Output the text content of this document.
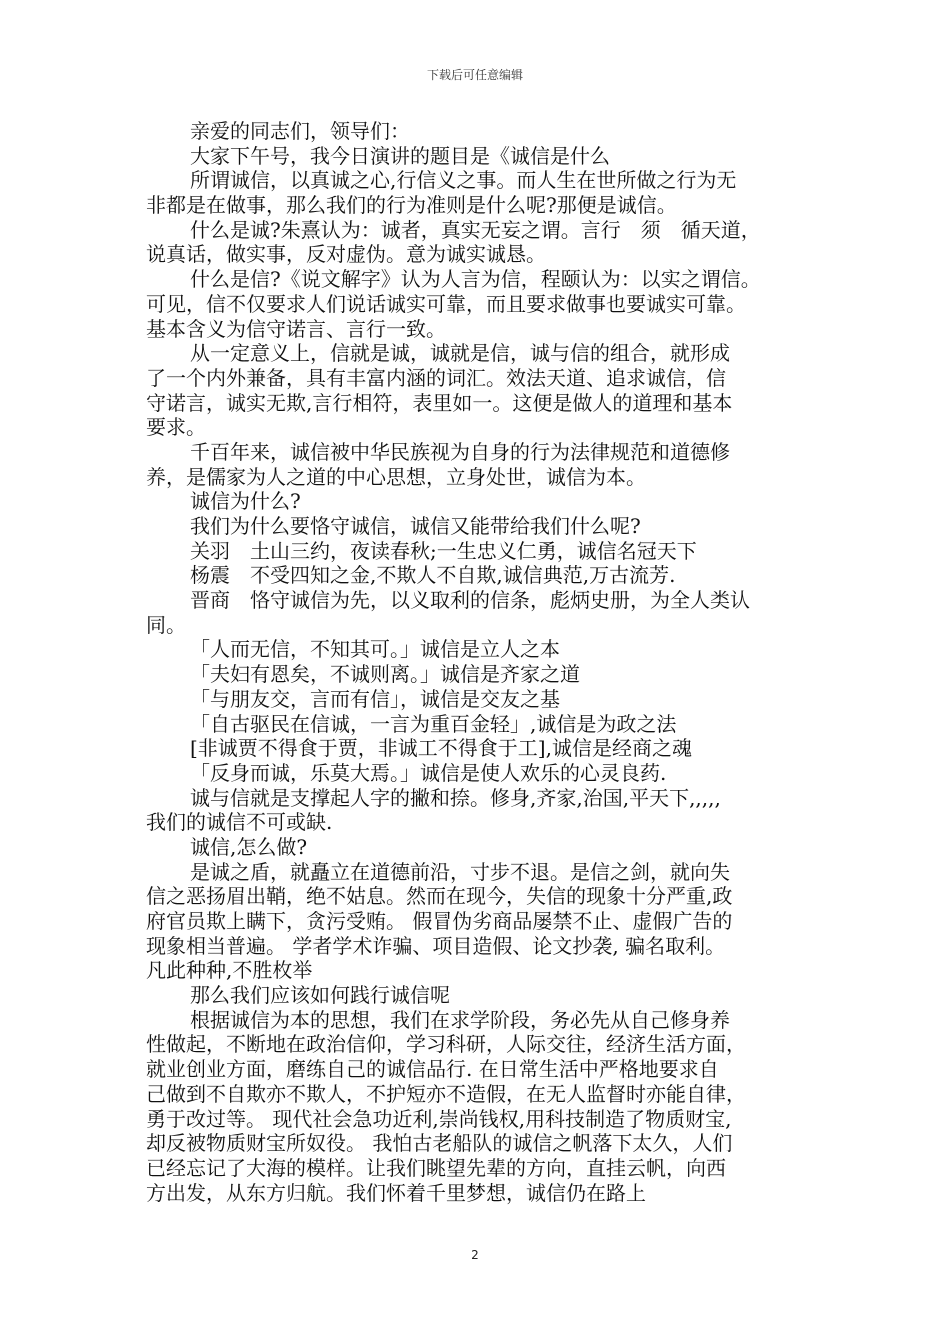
下载后可任意编辑
亲爱的同志们，领导们：
大家下午号，我今日演讲的题目是《诚信是什么
所谓诚信，以真诚之心,行信义之事。而人生在世所做之行为无
非都是在做事，那么我们的行为准则是什么呢?那便是诚信。
什么是诚?朱熹认为：诚者，真实无妄之谓。言行　须　循天道，
说真话，做实事，反对虚伪。意为诚实诚恳。
什么是信?《说文解字》认为人言为信，程颐认为：以实之谓信。
可见，信不仅要求人们说话诚实可靠，而且要求做事也要诚实可靠。
基本含义为信守诺言、言行一致。
从一定意义上，信就是诚，诚就是信，诚与信的组合，就形成
了一个内外兼备，具有丰富内涵的词汇。效法天道、追求诚信，信
守诺言，诚实无欺,言行相符，表里如一。这便是做人的道理和基本
要求。
千百年来，诚信被中华民族视为自身的行为法律规范和道德修
养，是儒家为人之道的中心思想，立身处世，诚信为本。
诚信为什么?
我们为什么要恪守诚信，诚信又能带给我们什么呢?
关羽　土山三约，夜读春秋;一生忠义仁勇，诚信名冠天下
杨震　不受四知之金,不欺人不自欺,诚信典范,万古流芳.
晋商　恪守诚信为先，以义取利的信条，彪炳史册，为全人类认
同。
「人而无信，不知其可。」诚信是立人之本
「夫妇有恩矣，不诚则离。」诚信是齐家之道
「与朋友交，言而有信」，诚信是交友之基
「自古驱民在信诚，一言为重百金轻」,诚信是为政之法
[非诚贾不得食于贾，非诚工不得食于工],诚信是经商之魂
「反身而诚，乐莫大焉。」诚信是使人欢乐的心灵良药.
诚与信就是支撑起人字的撇和捺。修身,齐家,治国,平天下,,,,,
我们的诚信不可或缺.
诚信,怎么做?
是诚之盾，就矗立在道德前沿，寸步不退。是信之剑，就向失
信之恶扬眉出鞘，绝不姑息。然而在现今，失信的现象十分严重,政
府官员欺上瞒下，贪污受贿。 假冒伪劣商品屡禁不止、虚假广告的
现象相当普遍。 学者学术诈骗、项目造假、论文抄袭, 骗名取利。
凡此种种,不胜枚举
那么我们应该如何践行诚信呢
根据诚信为本的思想，我们在求学阶段，务必先从自己修身养
性做起，不断地在政治信仰，学习科研，人际交往，经济生活方面，
就业创业方面，磨练自己的诚信品行. 在日常生活中严格地要求自
己做到不自欺亦不欺人，不护短亦不造假，在无人监督时亦能自律，
勇于改过等。 现代社会急功近利,崇尚钱权,用科技制造了物质财宝,
却反被物质财宝所奴役。 我怕古老船队的诚信之帆落下太久，人们
已经忘记了大海的模样。让我们眺望先辈的方向，直挂云帆，向西
方出发，从东方归航。我们怀着千里梦想，诚信仍在路上
2
